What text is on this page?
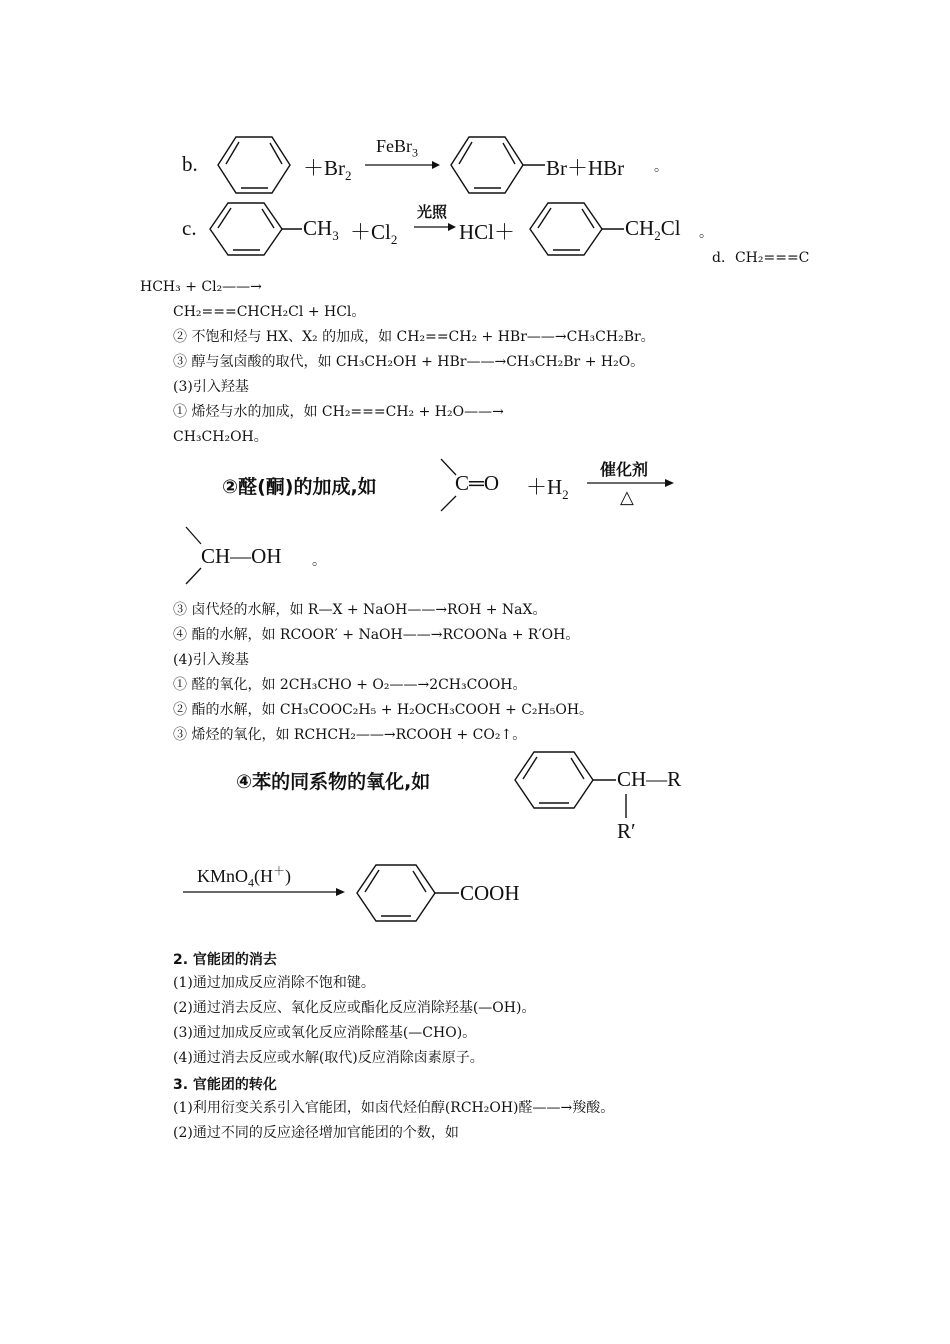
b.	$+Br_2$
FeBr$_3$
Br＋HBr 。
c.	$CH_3 +Cl_2$
光照
HCl＋	$CH_2Cl$ 。
d．CH₂===C
HCH₃ + Cl₂——→
CH₂===CHCH₂Cl + HCl。
② 不饱和烃与 HX、X₂ 的加成，如 CH₂==CH₂ + HBr——→CH₃CH₂Br。
③ 醇与氢卤酸的取代，如 CH₃CH₂OH + HBr——→CH₃CH₂Br + H₂O。
(3)引入羟基
① 烯烃与水的加成，如 CH₂===CH₂ + H₂O——→
CH₃CH₂OH。
②醛(酮)的加成,如	C═O $+H_2$
催化剂
△
CH—OH 。
③ 卤代烃的水解，如 R—X + NaOH——→ROH + NaX。
④ 酯的水解，如 RCOOR′ + NaOH——→RCOONa + R′OH。
(4)引入羧基
① 醛的氧化，如 2CH₃CHO + O₂——→2CH₃COOH。
② 酯的水解，如 CH₃COOC₂H₅ + H₂OCH₃COOH + C₂H₅OH。
③ 烯烃的氧化，如 RCHCH₂——→RCOOH + CO₂↑。
④苯的同系物的氧化,如	CH—R
R′
KMnO$_4$(H＋)
COOH
2. 官能团的消去
(1)通过加成反应消除不饱和键。
(2)通过消去反应、氧化反应或酯化反应消除羟基(—OH)。
(3)通过加成反应或氧化反应消除醛基(—CHO)。
(4)通过消去反应或水解(取代)反应消除卤素原子。
3. 官能团的转化
(1)利用衍变关系引入官能团，如卤代烃伯醇(RCH₂OH)醛——→羧酸。
(2)通过不同的反应途径增加官能团的个数，如
